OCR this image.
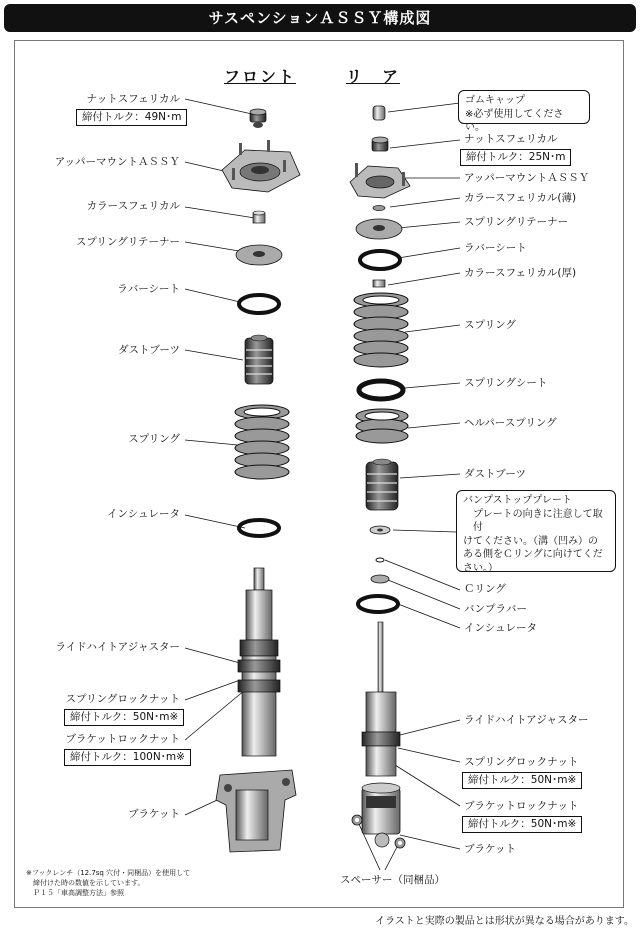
サスペンションＡＳＳＹ構成図
フロント	リ　ア
ナットスフェリカル
締付トルク：49N･m
アッパーマウントＡＳＳＹ
カラースフェリカル
スプリングリテーナー
ラバーシート
ダストブーツ
スプリング
インシュレータ
ライドハイトアジャスター
スプリングロックナット
締付トルク：50N･m※
ブラケットロックナット
締付トルク：100N･m※
ブラケット
ゴムキャップ
※必ず使用してください。
ナットスフェリカル
締付トルク：25N･m
アッパーマウントＡＳＳＹ
カラースフェリカル(薄)
スプリングリテーナー
ラバーシート
カラースフェリカル(厚)
スプリング
スプリングシート
ヘルパースプリング
ダストブーツ
バンプストッププレート
プレートの向きに注意して取付
けてください。（溝（凹み）の
ある側をＣリングに向けてくだ
さい。）
Ｃリング
バンプラバー
インシュレータ
ライドハイトアジャスター
スプリングロックナット
締付トルク：50N･m※
ブラケットロックナット
締付トルク：50N･m※
ブラケット
スペーサー（同梱品）
※フックレンチ（12.7sq 穴付・同梱品）を使用して
　締付けた時の数値を示しています。
　Ｐ１５「車高調整方法」参照
イラストと実際の製品とは形状が異なる場合があります。
